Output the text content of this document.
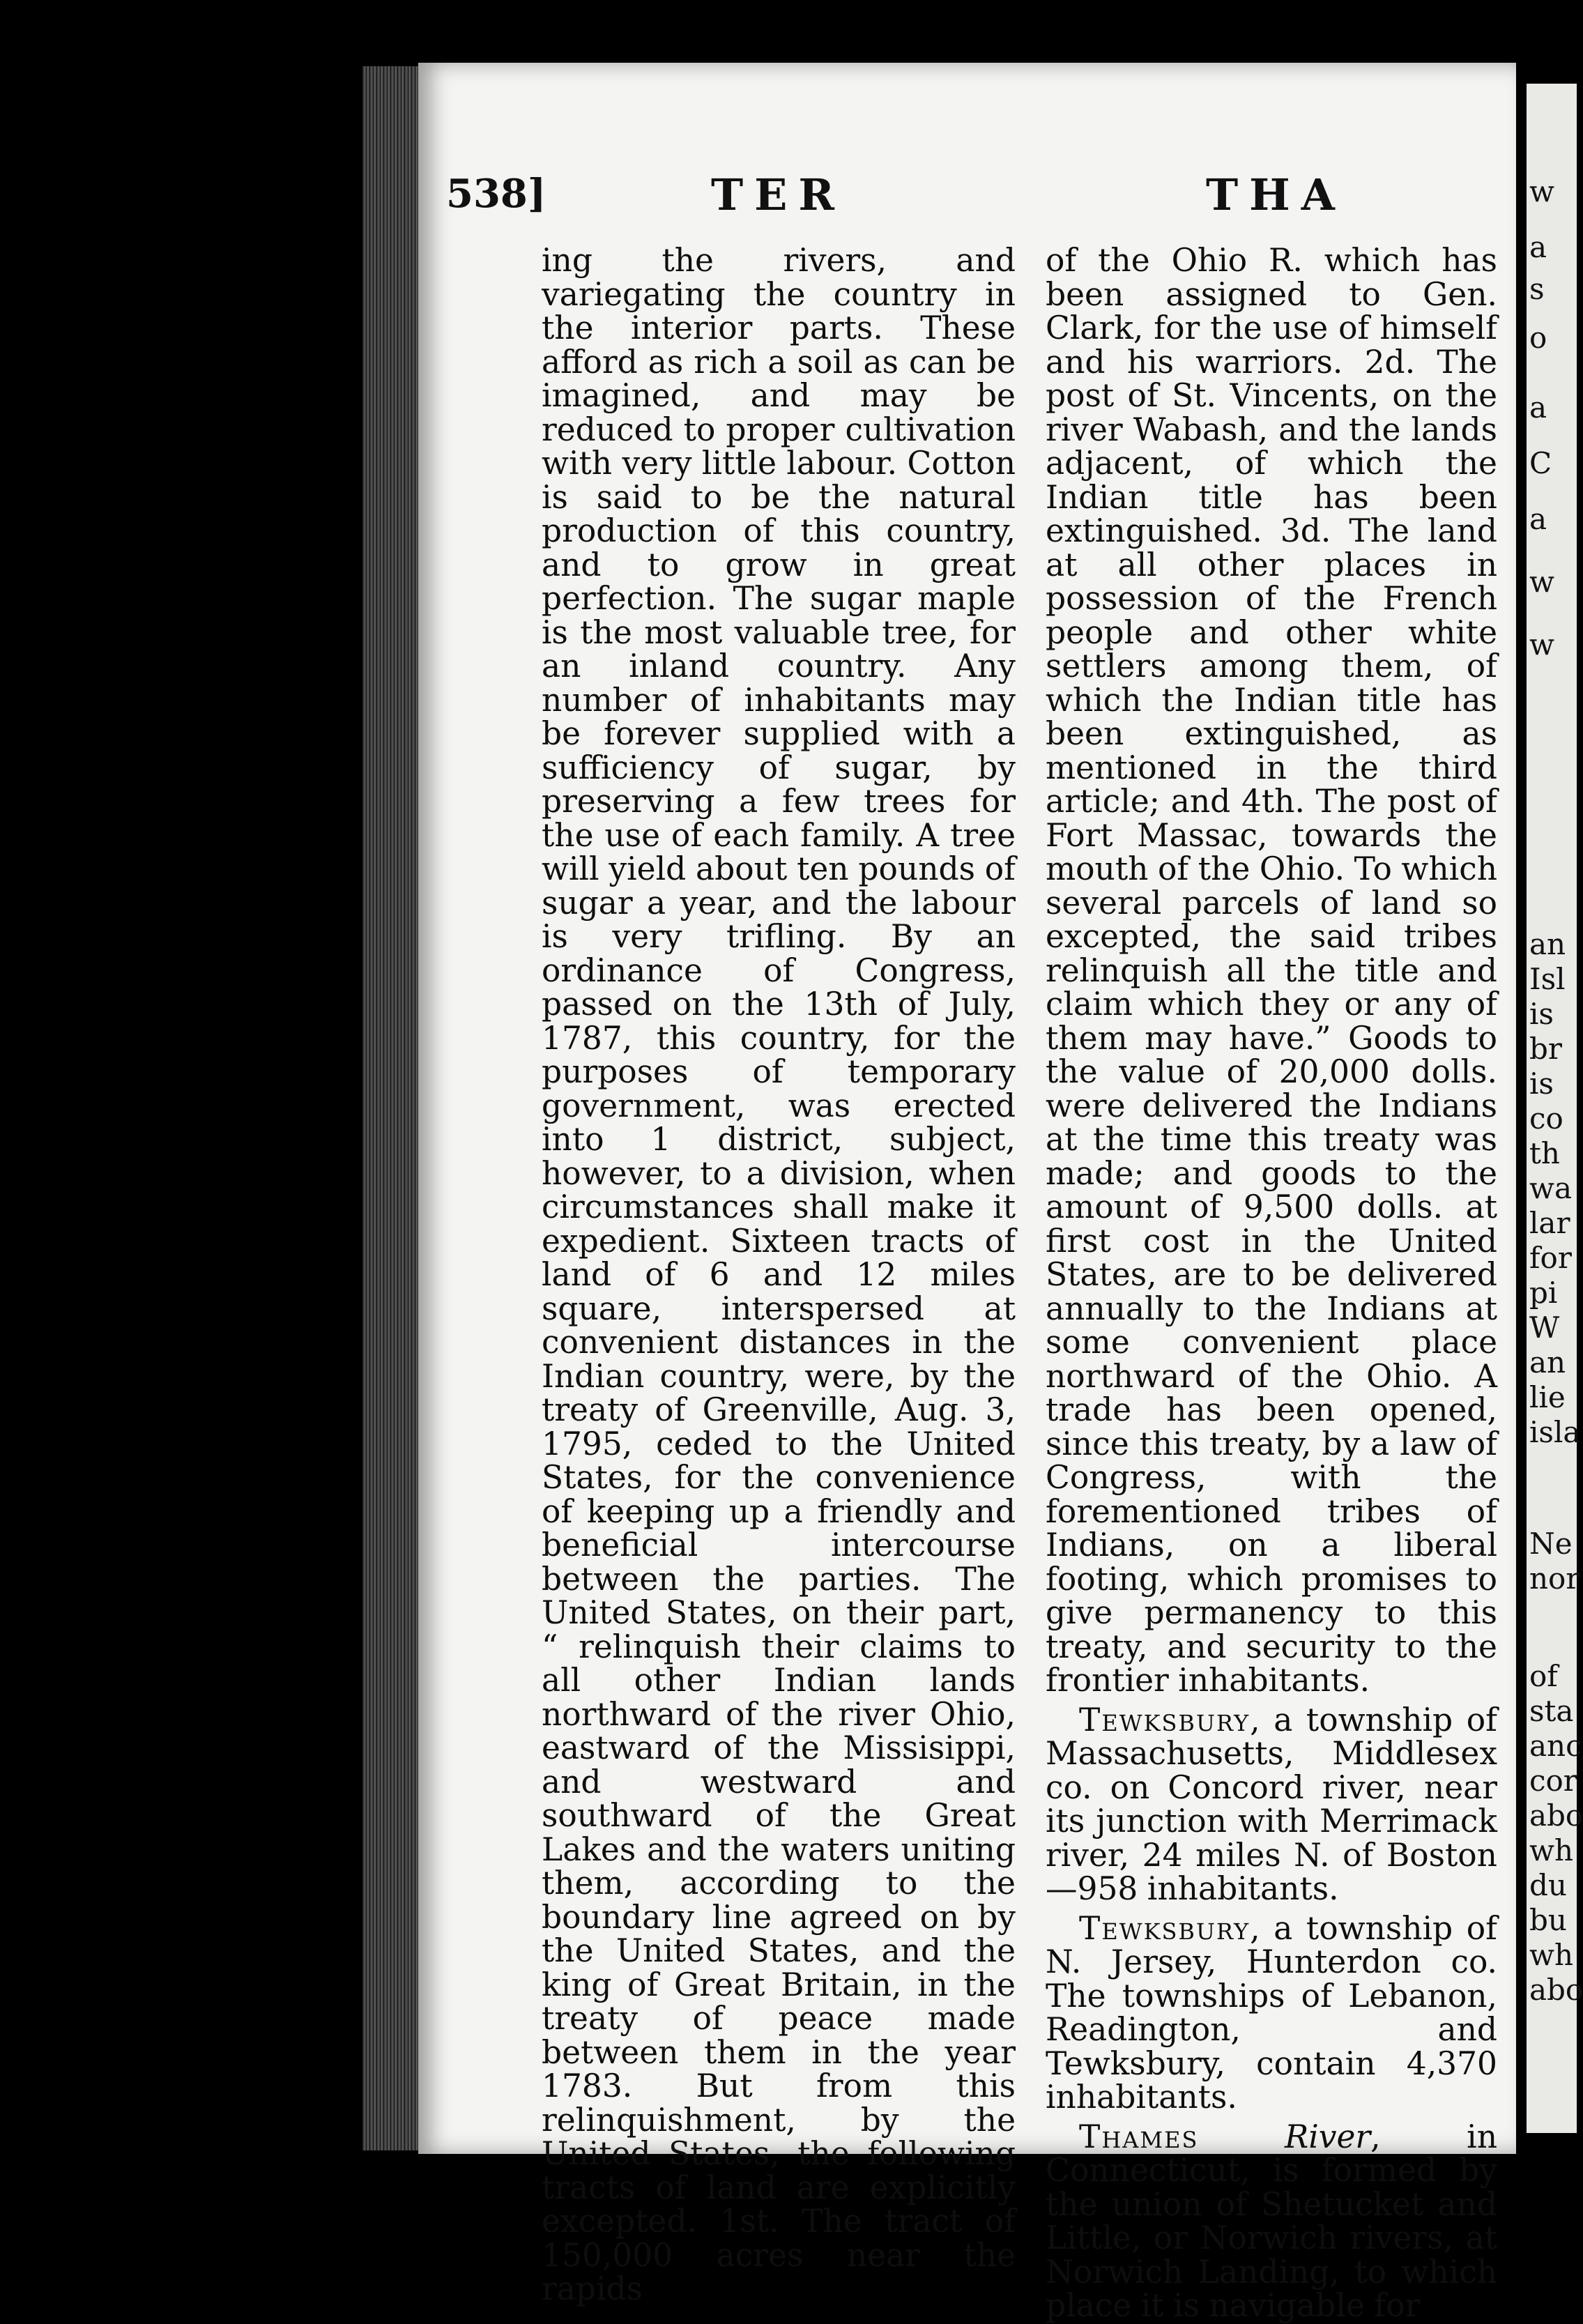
w
a
s
o
a
C
a
w
w
an
Isl
is
br
is
co
th
wa
lar
for
pi
W
an
lie
isla
Ne
nor
of
sta
anc
cor
abo
wh
du
bu
wh
abo
538]	TER	THA

ing the rivers, and variegating the country in the interior parts. These afford as rich a soil as can be imagined, and may be reduced to proper cultivation with very little labour. Cotton is said to be the natural production of this country, and to grow in great perfection. The sugar maple is the most valuable tree, for an inland country. Any number of inhabitants may be forever supplied with a sufficiency of sugar, by preserving a few trees for the use of each family. A tree will yield about ten pounds of sugar a year, and the labour is very trifling. By an ordinance of Congress, passed on the 13th of July, 1787, this country, for the purposes of temporary government, was erected into 1 district, subject, however, to a division, when circumstances shall make it expedient. Sixteen tracts of land of 6 and 12 miles square, interspersed at convenient distances in the Indian country, were, by the treaty of Greenville, Aug. 3, 1795, ceded to the United States, for the convenience of keeping up a friendly and beneficial intercourse between the parties. The United States, on their part, “ relinquish their claims to all other Indian lands northward of the river Ohio, eastward of the Missisippi, and westward and southward of the Great Lakes and the waters uniting them, according to the boundary line agreed on by the United States, and the king of Great Britain, in the treaty of peace made between them in the year 1783. But from this relinquishment, by the United States, the following tracts of land are explicitly excepted. 1st. The tract of 150,000 acres near the rapids

of the Ohio R. which has been assigned to Gen. Clark, for the use of himself and his warriors. 2d. The post of St. Vincents, on the river Wabash, and the lands adjacent, of which the Indian title has been extinguished. 3d. The land at all other places in possession of the French people and other white settlers among them, of which the Indian title has been extinguished, as mentioned in the third article; and 4th. The post of Fort Massac, towards the mouth of the Ohio. To which several parcels of land so excepted, the said tribes relinquish all the title and claim which they or any of them may have.” Goods to the value of 20,000 dolls. were delivered the Indians at the time this treaty was made; and goods to the amount of 9,500 dolls. at first cost in the United States, are to be delivered annually to the Indians at some convenient place northward of the Ohio. A trade has been opened, since this treaty, by a law of Congress, with the forementioned tribes of Indians, on a liberal footing, which promises to give permanency to this treaty, and security to the frontier inhabitants.

Tewksbury, a township of Massachusetts, Middlesex co. on Concord river, near its junction with Merrimack river, 24 miles N. of Boston—958 inhabitants.

Tewksbury, a township of N. Jersey, Hunterdon co. The townships of Lebanon, Readington, and Tewksbury, contain 4,370 inhabitants.

Thames	River, in Connecticut, is formed by the union of Shetucket and Little, or Norwich rivers, at Norwich Landing, to which place it is navigable for
